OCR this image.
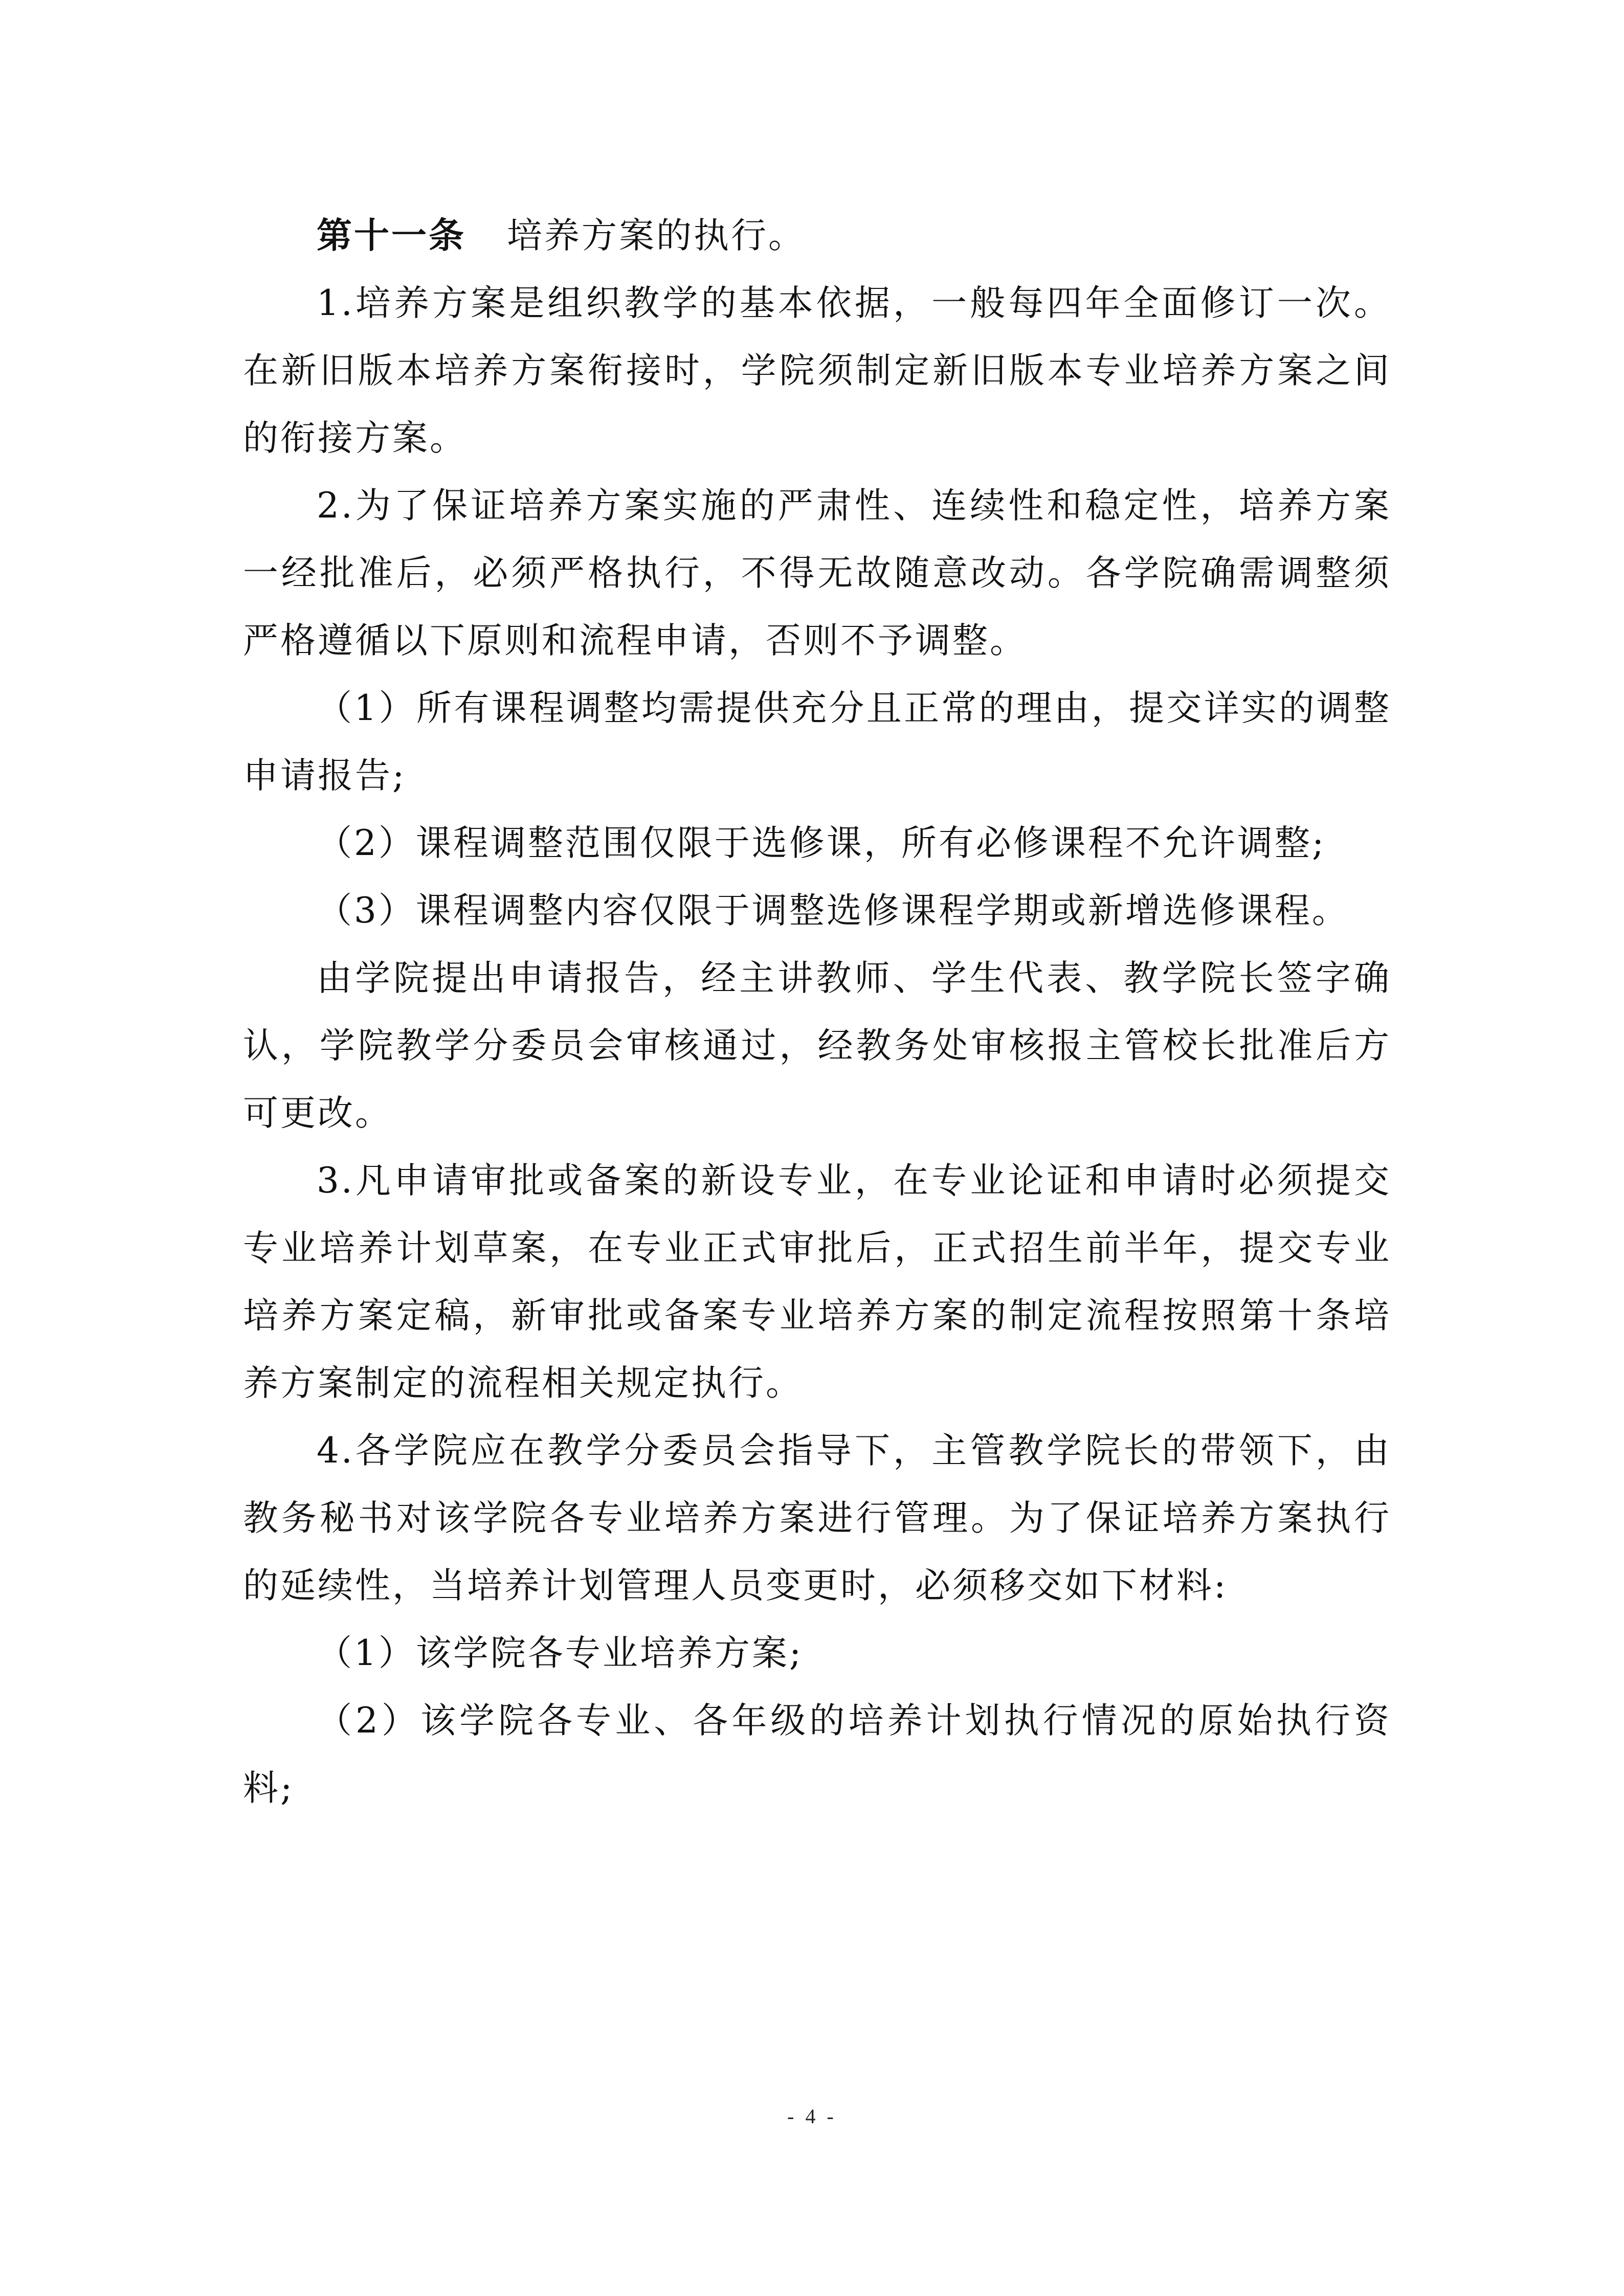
第十一条 培养方案的执行。

1.培养方案是组织教学的基本依据，一般每四年全面修订一次。在新旧版本培养方案衔接时，学院须制定新旧版本专业培养方案之间的衔接方案。

2.为了保证培养方案实施的严肃性、连续性和稳定性，培养方案一经批准后，必须严格执行，不得无故随意改动。各学院确需调整须严格遵循以下原则和流程申请，否则不予调整。

（1）所有课程调整均需提供充分且正常的理由，提交详实的调整申请报告;

（2）课程调整范围仅限于选修课，所有必修课程不允许调整;

（3）课程调整内容仅限于调整选修课程学期或新增选修课程。

由学院提出申请报告，经主讲教师、学生代表、教学院长签字确认，学院教学分委员会审核通过，经教务处审核报主管校长批准后方可更改。

3.凡申请审批或备案的新设专业，在专业论证和申请时必须提交专业培养计划草案，在专业正式审批后，正式招生前半年，提交专业培养方案定稿，新审批或备案专业培养方案的制定流程按照第十条培养方案制定的流程相关规定执行。

4.各学院应在教学分委员会指导下，主管教学院长的带领下，由教务秘书对该学院各专业培养方案进行管理。为了保证培养方案执行的延续性，当培养计划管理人员变更时，必须移交如下材料:

（1）该学院各专业培养方案;

（2）该学院各专业、各年级的培养计划执行情况的原始执行资料;

- 4 -
